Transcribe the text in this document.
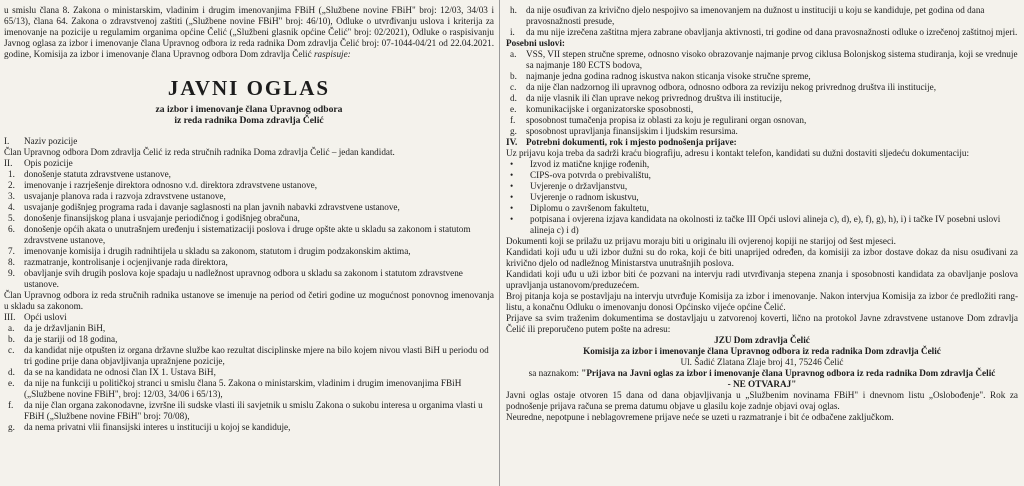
u smislu člana 8. Zakona o ministarskim, vladinim i drugim imenovanjima FBiH („Službene novine FBiH" broj: 12/03, 34/03 i 65/13), člana 64. Zakona o zdravstvenoj zaštiti („Službene novine FBiH" broj: 46/10), Odluke o utvrđivanju uslova i kriterija za imenovanje na pozicije u regulamim organima općine Čelić („Službeni glasnik općine Čelić" broj: 02/2021), Odluke o raspisivanju Javnog oglasa za izbor i imenovanje člana Upravnog odbora iz reda radnika Dom zdravlja Čelić broj: 07-1044-04/21 od 22.04.2021. godine, Komisija za izbor i imenovanje člana Upravnog odbora Dom zdravlja Čelić raspisuje:

JAVNI OGLAS
za izbor i imenovanje člana Upravnog odbora
iz reda radnika Doma zdravlja Čelić
I.	Naziv pozicije

Član Upravnog odbora Dom zdravlja Čelić iz reda stručnih radnika Doma zdravlja Čelić – jedan kandidat.

II.	Opis pozicije
1. donošenje statuta zdravstvene ustanove,
2. imenovanje i razrješenje direktora odnosno v.d. direktora zdravstvene ustanove,
3. usvajanje planova rada i razvoja zdravstvene ustanove,
4. usvajanje godišnjeg programa rada i davanje saglasnosti na plan javnih nabavki zdravstvene ustanove,
5. donošenje finansijskog plana i usvajanje periodičnog i godišnjeg obračuna,
6. donošenje općih akata o unutrašnjem uređenju i sistematizaciji poslova i druge opšte akte u skladu sa zakonom i statutom zdravstvene ustanove,
7. imenovanje komisija i drugih radnihtijela u skladu sa zakonom, statutom i drugim podzakonskim aktima,
8. razmatranje, kontrolisanje i ocjenjivanje rada direktora,
9. obavljanje svih drugih poslova koje spadaju u nadležnost upravnog odbora u skladu sa zakonom i statutom zdravstvene ustanove.

Član Upravnog odbora iz reda stručnih radnika ustanove se imenuje na period od četiri godine uz mogućnost ponovnog imenovanja u skladu sa zakonom.

III. Opći uslovi
a.	da je državljanin BiH,
b. da je stariji od 18 godina,
c.	da kandidat nije otpušten iz organa državne službe kao rezultat disciplinske mjere na bilo kojem nivou vlasti BiH u periodu od tri godine prije dana objavljivanja upražnjene pozicije,
d. da se na kandidata ne odnosi član IX 1. Ustava BiH,
e.	da nije na funkciji u političkoj stranci u smislu člana 5. Zakona o ministarskim, vladinim i drugim imenovanjima FBiH („Službene novine FBiH", broj: 12/03, 34/06 i 65/13),
f.	da nije član organa zakonodavne, izvršne ili sudske vlasti ili savjetnik u smislu Zakona o sukobu interesa u organima vlasti u FBiH („Službene novine FBiH" broj: 70/08),
g. da nema privatni vlii finansijski interes u instituciji u kojoj se kandiduje,
h. da nije osuđivan za krivično djelo nespojivo sa imenovanjem na dužnost u instituciji u koju se kandiduje, pet godina od dana pravosnažnosti presude,
i.	da mu nije izrečena zaštitna mjera zabrane obavljanja aktivnosti, tri godine od dana pravosnažnosti odluke o izrečenoj zaštitnoj mjeri.
Posebni uslovi:
a.	VSS, VII stepen stručne spreme, odnosno visoko obrazovanje najmanje prvog ciklusa Bolonjskog sistema studiranja, koji se vrednuje sa najmanje 180 ECTS bodova,
b. najmanje jedna godina radnog iskustva nakon sticanja visoke stručne spreme,
c.	da nije član nadzornog ili upravnog odbora, odnosno odbora za reviziju nekog privrednog društva ili institucije,
d. da nije vlasnik ili član uprave nekog privrednog društva ili institucije,
e.	komunikacijske i organizatorske sposobnosti,
f.	sposobnost tumačenja propisa iz oblasti za koju je regulirani organ osnovan,
g. sposobnost upravljanja finansijskim i ljudskim resursima.
IV. Potrebni dokumenti, rok i mjesto podnošenja prijave:

Uz prijavu koja treba da sadrži kraću biografiju, adresu i kontakt telefon, kandidati su dužni dostaviti sljedeću dokumentaciju:

•	Izvod iz matične knjige rođenih,
•	CIPS-ova potvrda o prebivalištu,
•	Uvjerenje o državljanstvu,
•	Uvjerenje o radnom iskustvu,
•	Diplomu o završenom fakultetu,
•	potpisana i ovjerena izjava kandidata na okolnosti iz tačke III Opći uslovi alineja c), d), e), f), g), h), i) i tačke IV posebni uslovi alineja c) i d)

Dokumenti koji se prilažu uz prijavu moraju biti u originalu ili ovjerenoj kopiji ne starijoj od šest mjeseci.

Kandidati koji uđu u uži izbor dužni su do roka, koji će biti unaprijed određen, da komisiji za izbor dostave dokaz da nisu osuđivani za krivično djelo od nadležnog Ministarstva unutrašnjih poslova.

Kandidati koji uđu u uži izbor biti će pozvani na intervju radi utvrđivanja stepena znanja i sposobnosti kandidata za obavljanje poslova upravljanja ustanovom/preduzećem.

Broj pitanja koja se postavljaju na intervju utvrđuje Komisija za izbor i imenovanje. Nakon intervjua Komisija za izbor će predložiti rang-listu, a konačnu Odluku o imenovanju donosi Općinsko vijeće općine Čelić.

Prijave sa svim traženim dokumentima se dostavljaju u zatvorenoj koverti, lično na protokol Javne zdravstvene ustanove Dom zdravlja Čelić ili preporučeno putem pošte na adresu:

JZU Dom zdravlja Čelić
Komisija za izbor i imenovanje člana Upravnog odbora iz reda radnika Dom zdravlja Čelić
Ul. Šadić Zlatana Zlaje broj 41, 75246 Čelić
sa naznakom: "Prijava na Javni oglas za izbor i imenovanje člana Upravnog odbora iz reda radnika Dom zdravlja Čelić
- NE OTVARAJ"

Javni oglas ostaje otvoren 15 dana od dana objavljivanja u „Službenim novinama FBiH" i dnevnom listu „Oslobođenje". Rok za podnošenje prijava računa se prema datumu objave u glasilu koje zadnje objavi ovaj oglas.

Neuredne, nepotpune i neblagovremene prijave neće se uzeti u razmatranje i bit će odbačene zaključkom.
